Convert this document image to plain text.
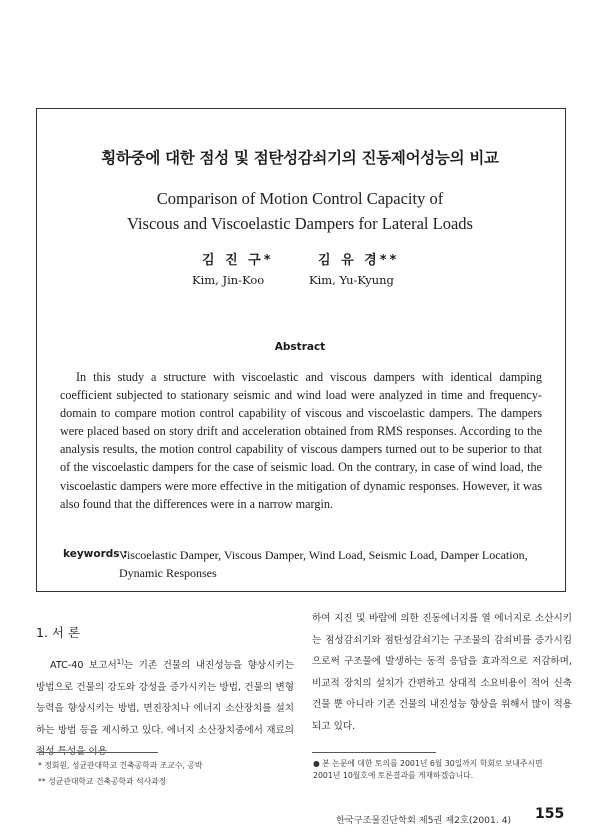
횡하중에 대한 점성 및 점탄성감쇠기의 진동제어성능의 비교
Comparison of Motion Control Capacity of
Viscous and Viscoelastic Dampers for Lateral Loads
김 진 구*
Kim, Jin-Koo
김 유 경**
Kim, Yu-Kyung
Abstract
In this study a structure with viscoelastic and viscous dampers with identical damping coefficient subjected to stationary seismic and wind load were analyzed in time and frequency-domain to compare motion control capability of viscous and viscoelastic dampers. The dampers were placed based on story drift and acceleration obtained from RMS responses. According to the analysis results, the motion control capability of viscous dampers turned out to be superior to that of the viscoelastic dampers for the case of seismic load. On the contrary, in case of wind load, the viscoelastic dampers were more effective in the mitigation of dynamic responses. However, it was also found that the differences were in a narrow margin.
keywords :
Viscoelastic Damper, Viscous Damper, Wind Load, Seismic Load, Damper Location, Dynamic Responses
1. 서 론
ATC-40 보고서$^{1)}$는 기존 건물의 내진성능을 향상시키는 방법으로 건물의 강도와 강성을 증가시키는 방법, 건물의 변형능력을 향상시키는 방법, 면진장치나 에너지 소산장치를 설치하는 방법 등을 제시하고 있다. 에너지 소산장치중에서 재료의 점성 특성을 이용
하여 지진 및 바람에 의한 진동에너지를 열 에너지로 소산시키는 점성감쇠기와 점탄성감쇠기는 구조물의 감쇠비를 증가시킴으로써 구조물에 발생하는 동적 응답을 효과적으로 저감하며, 비교적 장치의 설치가 간편하고 상대적 소요비용이 적어 신축 건물 뿐 아니라 기존 건물의 내진성능 향상을 위해서 많이 적용되고 있다.
* 정회원, 성균관대학교 건축공학과 조교수, 공박
** 성균관대학교 건축공학과 석사과정
● 본 논문에 대한 토의를 2001년 6월 30일까지 학회로 보내주시면 2001년 10월호에 토론결과를 게재하겠습니다.
한국구조물진단학회 제5권 제2호(2001. 4) 155
